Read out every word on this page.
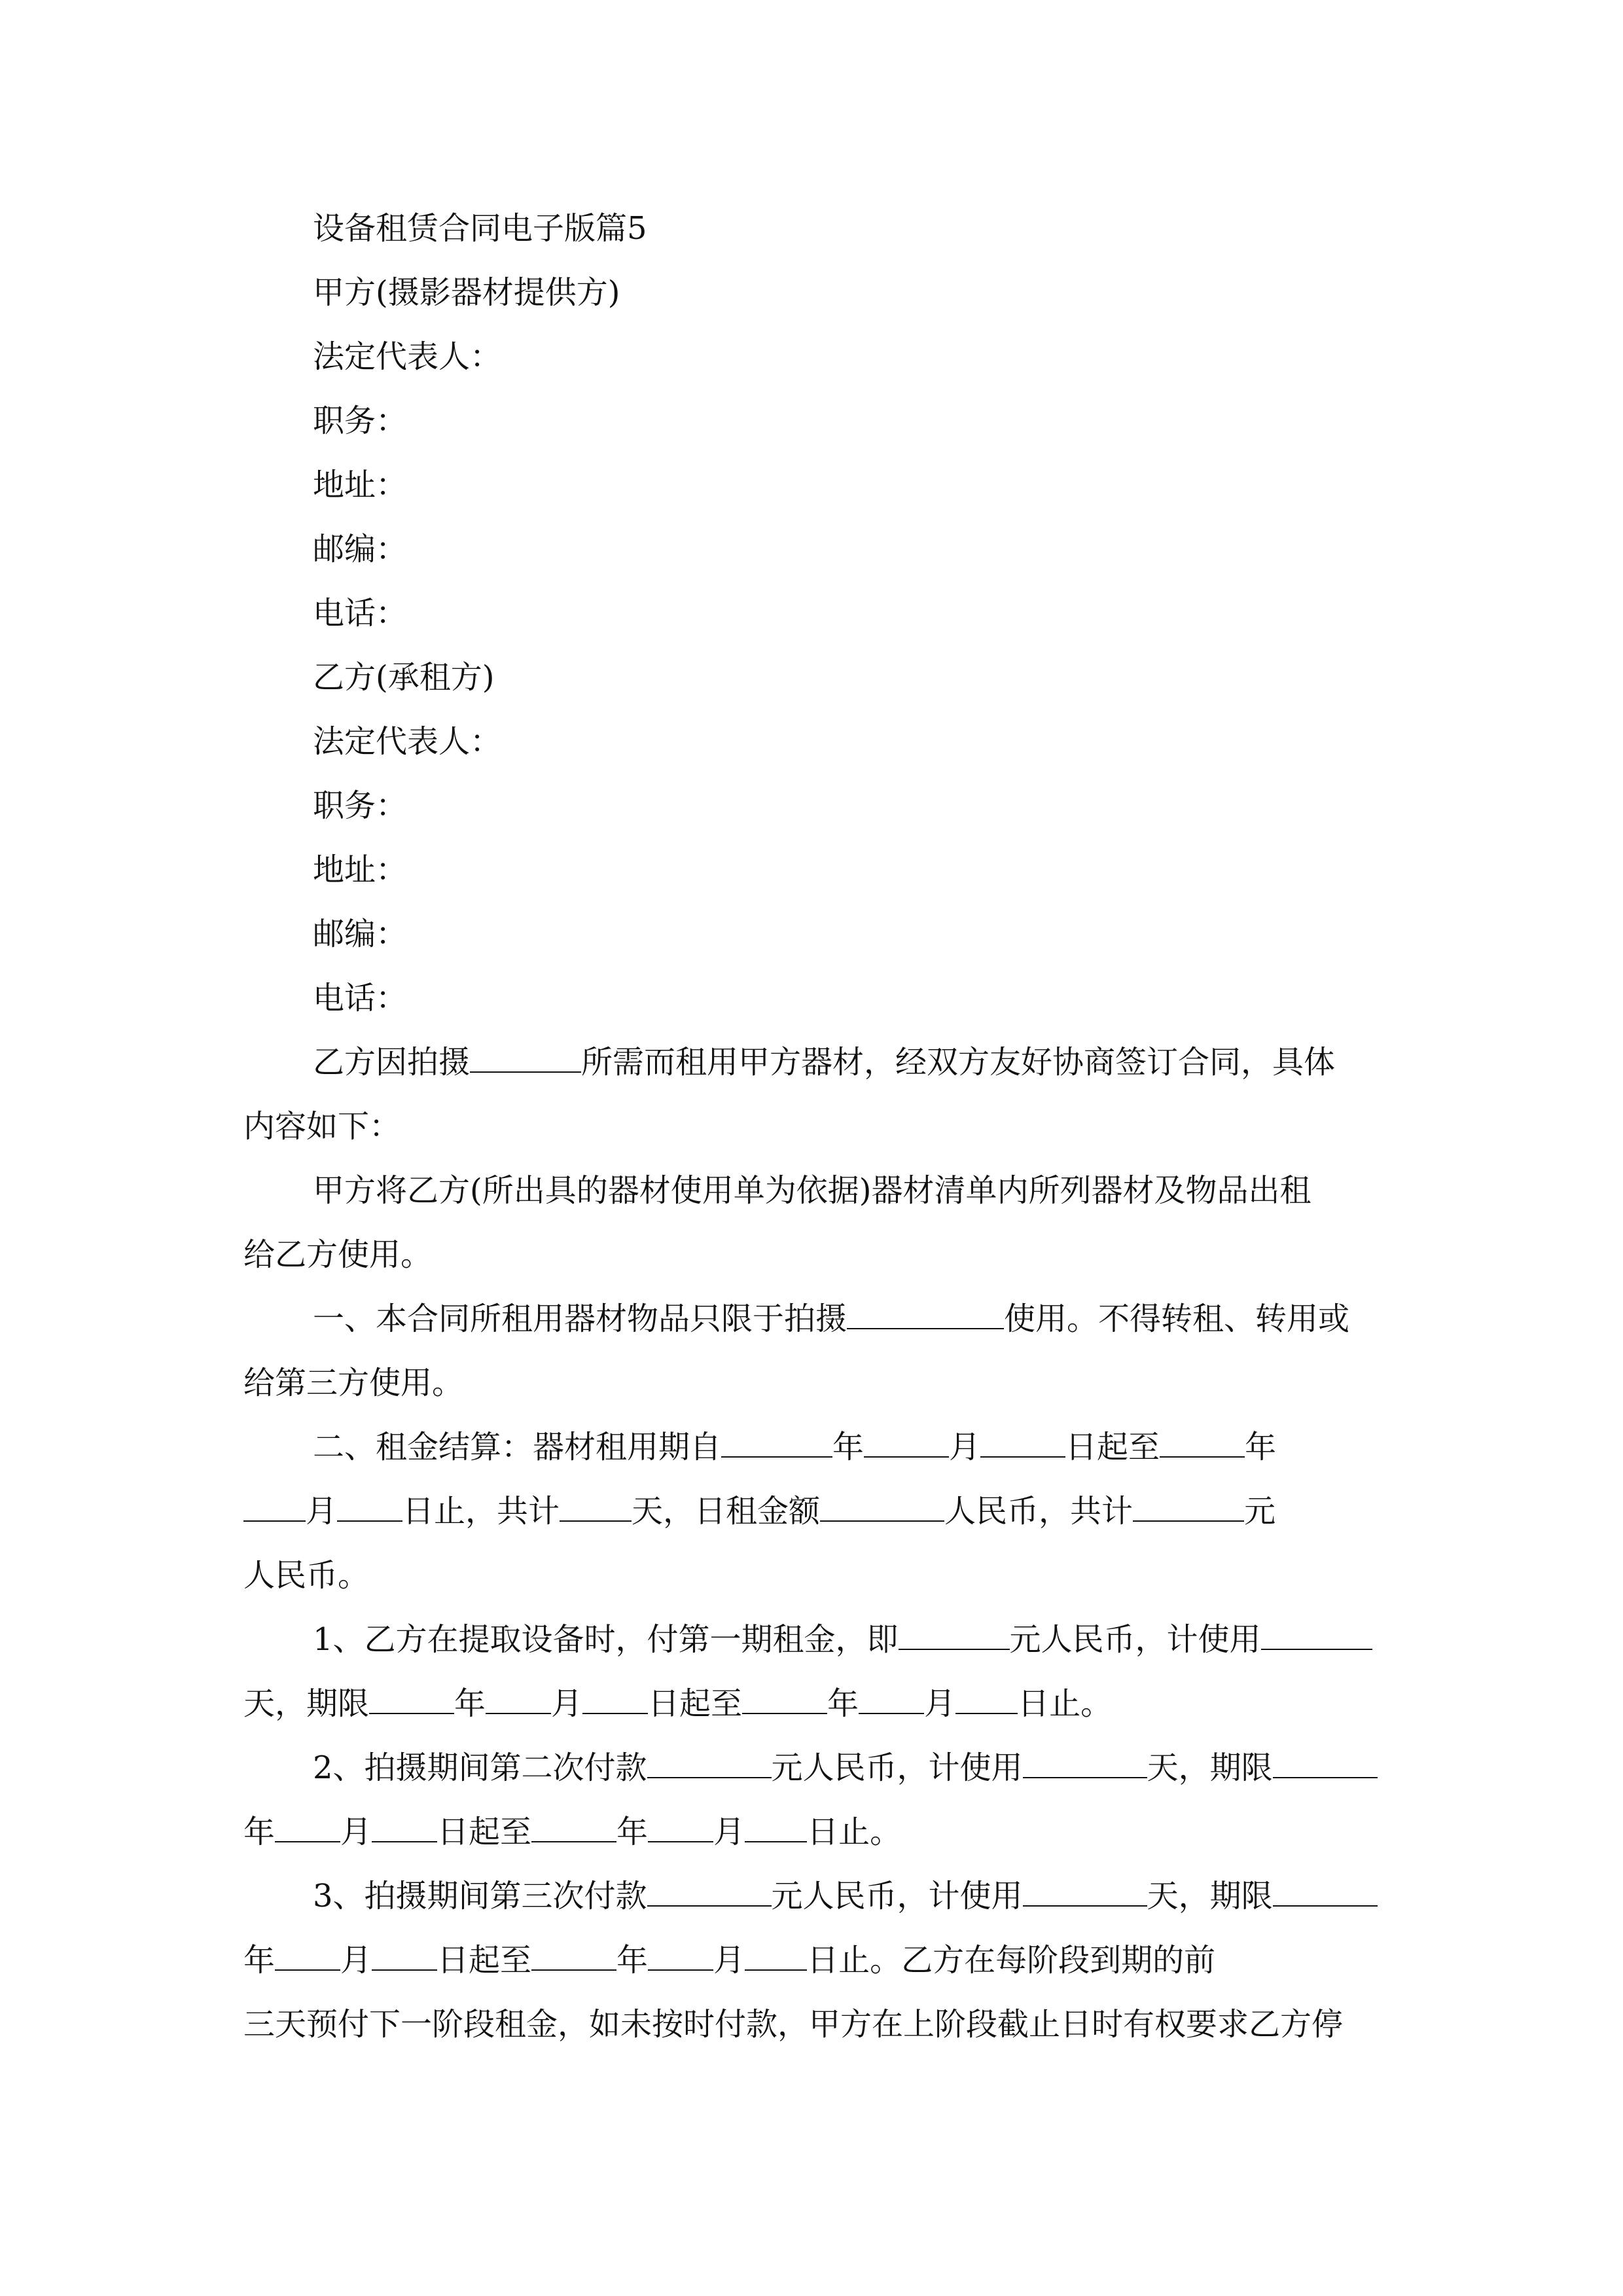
设备租赁合同电子版篇5
甲方(摄影器材提供方)
法定代表人：
职务：
地址：
邮编：
电话：
乙方(承租方)
法定代表人：
职务：
地址：
邮编：
电话：
乙方因拍摄	所需而租用甲方器材，经双方友好协商签订合同，具体
内容如下：
甲方将乙方(所出具的器材使用单为依据)器材清单内所列器材及物品出租
给乙方使用。
一、本合同所租用器材物品只限于拍摄	使用。不得转租、转用或
给第三方使用。
二、租金结算：器材租用期自	年	月	日起至	年
月 日止，共计 天，日租金额	人民币，共计	元
人民币。
1、乙方在提取设备时，付第一期租金，即	元人民币，计使用
天，期限	年 月 日起至	年 月 日止。
2、拍摄期间第二次付款	元人民币，计使用	天，期限
年 月 日起至	年 月 日止。
3、拍摄期间第三次付款	元人民币，计使用	天，期限
年 月 日起至	年 月 日止。乙方在每阶段到期的前
三天预付下一阶段租金，如未按时付款，甲方在上阶段截止日时有权要求乙方停
